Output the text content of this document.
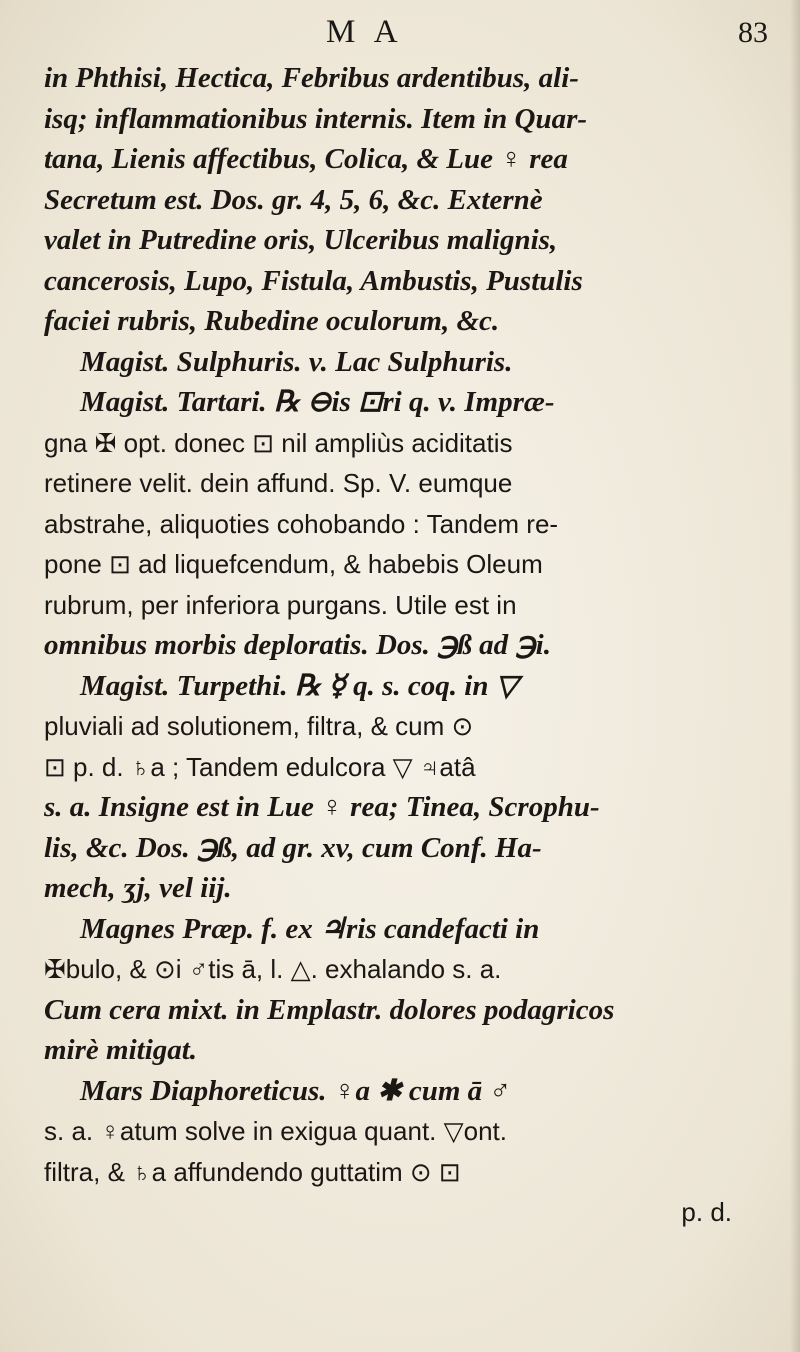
M A	83
in Phthisi, Hectica, Febribus ardentibus, ali-
isq; inflammationibus internis. Item in Quar-
tana, Lienis affectibus, Colica, & Lue ♀ rea
Secretum est. Dos. gr. 4, 5, 6, &c. Externè
valet in Putredine oris, Ulceribus malignis,
cancerosis, Lupo, Fistula, Ambustis, Pustulis
faciei rubris, Rubedine oculorum, &c.
Magist. Sulphuris. v. Lac Sulphuris.
Magist. Tartari. ℞ ⊖is ⊡ri q. v. Impræ-
gna ✠ opt. donec ⊡ nil ampliùs aciditatis
retinere velit. dein affund. Sp. V. eumque
abstrahe, aliquoties cohobando : Tandem re-
pone ⊡ ad liquefcendum, & habebis Oleum
rubrum, per inferiora purgans. Utile est in
omnibus morbis deploratis. Dos. ℈ß ad ℈i.
Magist. Turpethi. ℞ ☿ q. s. coq. in ▽
pluviali ad solutionem, filtra, & cum ⊙
⊡ p. d. ♄a ; Tandem edulcora ▽ ♃atâ
s. a. Insigne est in Lue ♀ rea; Tinea, Scrophu-
lis, &c. Dos. ℈ß, ad gr. xv, cum Conf. Ha-
mech, ʒj, vel iij.
Magnes Præp. f. ex ♃ris candefacti in
✠bulo, & ⊙i ♂tis ā, l. △. exhalando s. a.
Cum cera mixt. in Emplastr. dolores podagricos
mirè mitigat.
Mars Diaphoreticus. ♀a ✱ cum ā ♂
s. a. ♀atum solve in exigua quant. ▽ont.
filtra, & ♄a affundendo guttatim ⊙ ⊡
p. d.
